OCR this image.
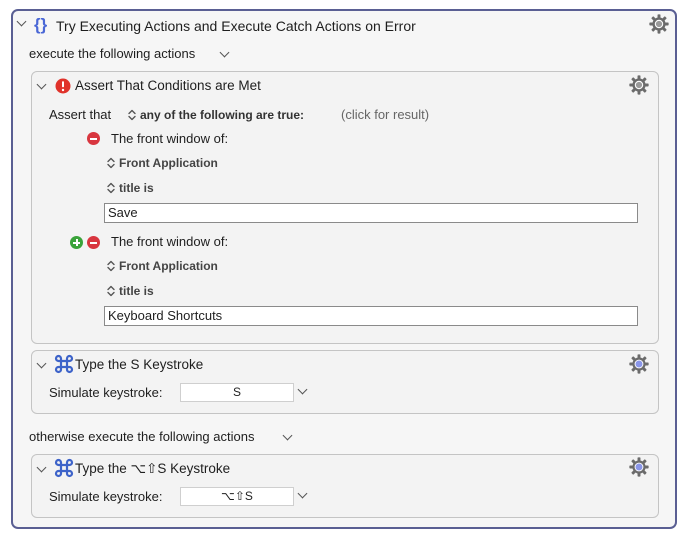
{} Try Executing Actions and Execute Catch Actions on Error
execute the following actions
Assert That Conditions are Met
Assert that any of the following are true:	(click for result)
The front window of:
Front Application
title is
Save
The front window of:
Front Application
title is
Keyboard Shortcuts
Type the S Keystroke
Simulate keystroke:	S
otherwise execute the following actions
Type the ⌥⇧S Keystroke
Simulate keystroke:	⌥⇧S
